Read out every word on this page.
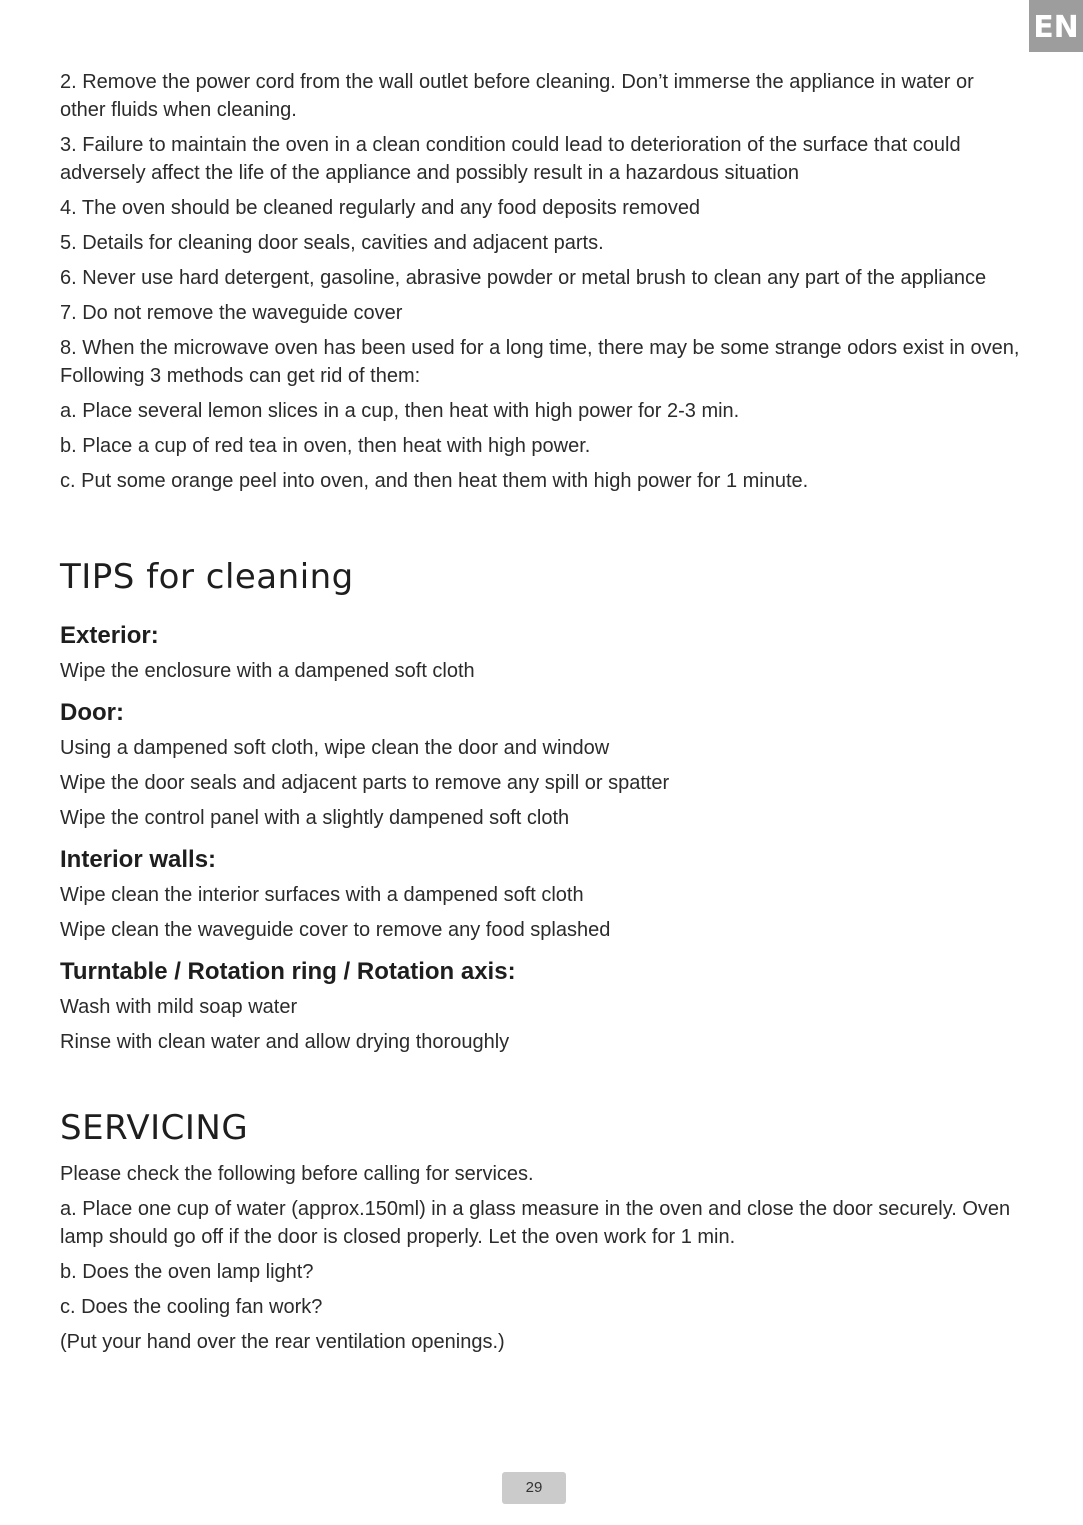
EN

2. Remove the power cord from the wall outlet before cleaning. Don’t immerse the appliance in water or other fluids when cleaning.

3. Failure to maintain the oven in a clean condition could lead to deterioration of the surface that could adversely affect the life of the appliance and possibly result in a hazardous situation

4. The oven should be cleaned regularly and any food deposits removed

5. Details for cleaning door seals, cavities and adjacent parts.

6. Never use hard detergent, gasoline, abrasive powder or metal brush to clean any part of the appliance

7. Do not remove the waveguide cover

8. When the microwave oven has been used for a long time, there may be some strange odors exist in oven, Following 3 methods can get rid of them:

a. Place several lemon slices in a cup, then heat with high power for 2-3 min.

b. Place a cup of red tea in oven, then heat with high power.

c. Put some orange peel into oven, and then heat them with high power for 1 minute.

TIPS for cleaning
Exterior:

Wipe the enclosure with a dampened soft cloth

Door:

Using a dampened soft cloth, wipe clean the door and window

Wipe the door seals and adjacent parts to remove any spill or spatter

Wipe the control panel with a slightly dampened soft cloth

Interior walls:

Wipe clean the interior surfaces with a dampened soft cloth

Wipe clean the waveguide cover to remove any food splashed

Turntable / Rotation ring / Rotation axis:

Wash with mild soap water

Rinse with clean water and allow drying thoroughly

SERVICING

Please check the following before calling for services.

a. Place one cup of water (approx.150ml) in a glass measure in the oven and close the door securely. Oven lamp should go off if the door is closed properly. Let the oven work for 1 min.

b. Does the oven lamp light?

c. Does the cooling fan work?

(Put your hand over the rear ventilation openings.)

29
